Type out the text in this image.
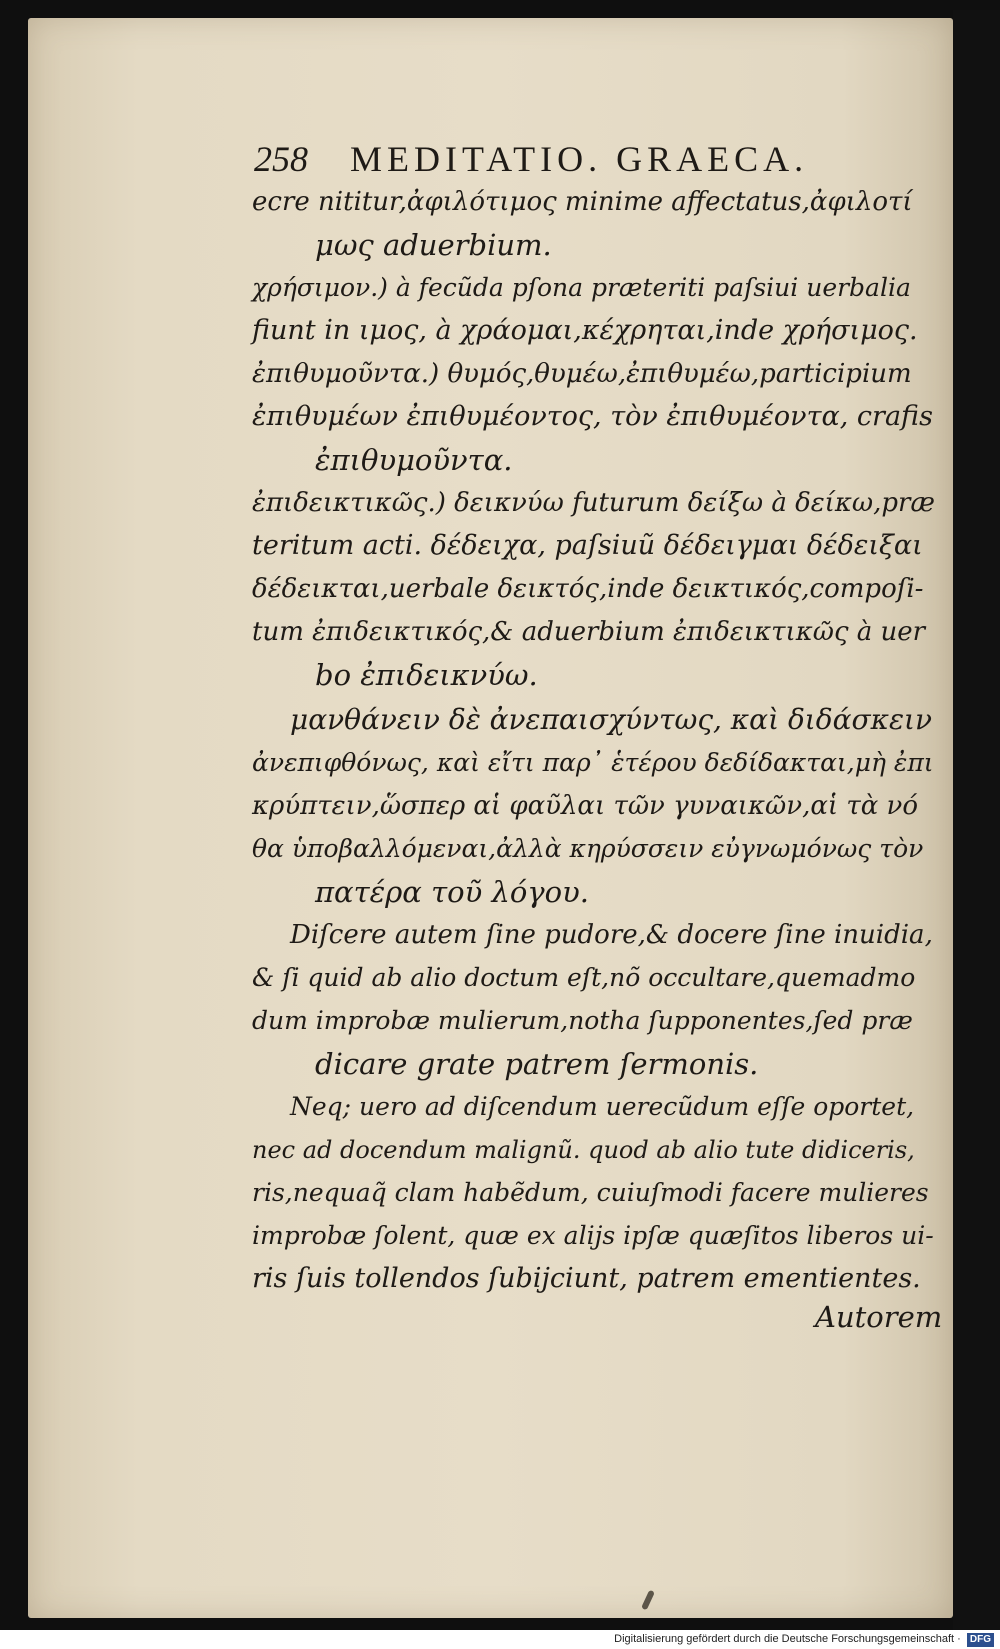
258 MEDITATIO. GRAECA.
ecre nititur,ἀφιλότιμος minime affectatus,ἀφιλοτί
μως aduerbium.
χρήσιμον.) à fecũda pſona præteriti paſsiui uerbalia
fiunt in ιμος, à χράομαι,κέχρηται,inde χρήσιμος.
ἐπιθυμοῦντα.) θυμός,θυμέω,ἐπιθυμέω,participium
ἐπιθυμέων ἐπιθυμέοντος, τὸν ἐπιθυμέοντα, crafis
ἐπιθυμοῦντα.
ἐπιδεικτικῶς.) δεικνύω futurum δείξω à δείκω,præ
teritum acti. δέδειχα, paſsiuũ δέδειγμαι δέδειξαι
δέδεικται,uerbale δεικτός,inde δεικτικός,compoſi-
tum ἐπιδεικτικός,& aduerbium ἐπιδεικτικῶς à uer
bo ἐπιδεικνύω.
μανθάνειν δὲ ἀνεπαισχύντως, καὶ διδάσκειν
ἀνεπιφθόνως, καὶ εἴτι παρ᾽ ἑτέρου δεδίδακται,μὴ ἐπι
κρύπτειν,ὥσπερ αἱ φαῦλαι τῶν γυναικῶν,αἱ τὰ νό
θα ὑποβαλλόμεναι,ἀλλὰ κηρύσσειν εὐγνωμόνως τὸν
πατέρα τοῦ λόγου.
Diſcere autem ſine pudore,& docere ſine inuidia,
& ſi quid ab alio doctum eſt,nõ occultare,quemadmo
dum improbæ mulierum,notha ſupponentes,ſed præ
dicare grate patrem ſermonis.
Neq; uero ad diſcendum uerecũdum eſſe oportet,
nec ad docendum malignũ. quod ab alio tute didiceris,
ris,nequaq̃ clam habẽdum, cuiuſmodi facere mulieres
improbæ ſolent, quæ ex alijs ipſæ quæſitos liberos ui-
ris ſuis tollendos ſubijciunt, patrem ementientes.
Autorem
Digitalisierung gefördert durch die Deutsche Forschungsgemeinschaft · DFG
